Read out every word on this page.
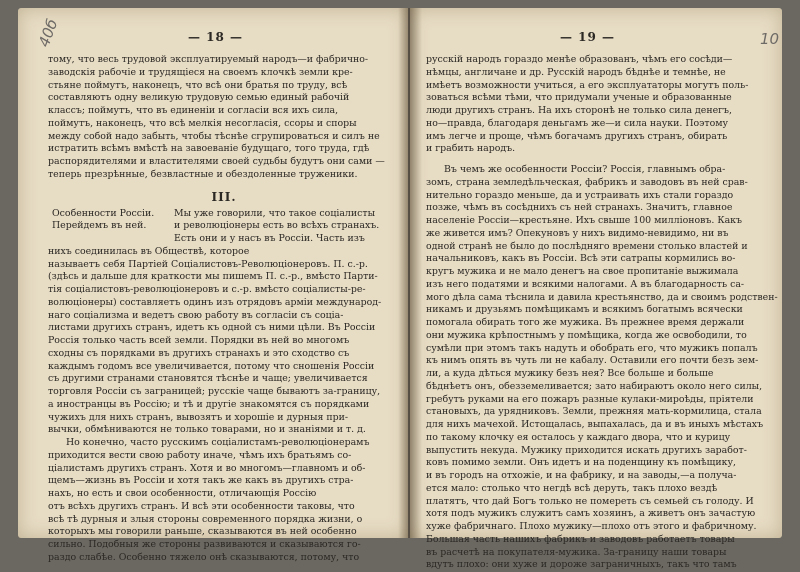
40б	— 18 —
тому, что весь трудовой эксплуатируемый народъ—и фабрично-
заводскія рабочіе и трудящіеся на своемъ клочкѣ земли кре-
стьяне поймутъ, наконецъ, что всѣ они братья по труду, всѣ
составляютъ одну великую трудовую семью единый рабочій
классъ; поймутъ, что въ единеніи и согласіи вся ихъ сила,
поймутъ, наконецъ, что всѣ мелкія несогласія, ссоры и споры
между собой надо забыть, чтобы тѣснѣе сгрупироваться и силъ не
истратить всѣмъ вмѣстѣ на завоеваніе будущаго, того труда, гдѣ
распорядителями и властителями своей судьбы будутъ они сами —
теперь презрѣнные, безвластные и обездоленные труженики.
III.
Особенности Россіи.
Перейдемъ въ ней.
Мы уже говорили, что такое соціалисты
и революціонеры есть во всѣхъ странахъ.
Есть они и у насъ въ Россіи. Часть изъ
нихъ соединилась въ Обществѣ, которое
называетъ себя Партіей Соціалистовъ-Революціонеровъ. П. с.-р.
(здѣсь и дальше для краткости мы пишемъ П. с.-р., вмѣсто Парти-
тія соціалистовъ-революціонеровъ и с.-р. вмѣсто соціалисты-ре-
волюціонеры) составляетъ одинъ изъ отрядовъ арміи международ-
наго соціализма и ведетъ свою работу въ согласіи съ соціа-
листами другихъ странъ, идетъ къ одной съ ними цѣли. Въ Россіи
Россія только часть всей земли. Порядки въ ней во многомъ
сходны съ порядками въ другихъ странахъ и это сходство съ
каждымъ годомъ все увеличивается, потому что сношенія Россіи
съ другими странами становятся тѣснѣе и чаще; увеличивается
торговля Россіи съ заграницей; русскіе чаще бываютъ за-границу,
а иностранцы въ Россію; и тѣ и другіе знакомятся съ порядками
чужихъ для нихъ странъ, вывозятъ и хорошіе и дурныя при-
вычки, обмѣниваются не только товарами, но и знаніями и т. д.
Но конечно, часто русскимъ соціалистамъ-революціонерамъ
приходится вести свою работу иначе, чѣмъ ихъ братьямъ со-
ціалистамъ другихъ странъ. Хотя и во многомъ—главномъ и об-
щемъ—жизнь въ Россіи и хотя такъ же какъ въ другихъ стра-
нахъ, но есть и свои особенности, отличающія Россію
отъ всѣхъ другихъ странъ. И всѣ эти особенности таковы, что
всѣ тѣ дурныя и злыя стороны современного порядка жизни, о
которыхъ мы говорили раньше, сказываются въ ней особенно
сильно. Подобныя же стороны развиваются и сказываются го-
раздо слабѣе. Особенно тяжело онѣ сказываются, потому, что
— 19 —	10
русскій народъ гораздо менѣе образованъ, чѣмъ его сосѣди—
нѣмцы, англичане и др. Русскій народъ бѣднѣе и темнѣе, не
имѣетъ возможности учиться, а его эксплуататоры могутъ поль-
зоваться всѣми тѣми, что придумали ученые и образованные
люди другихъ странъ. На ихъ сторонѣ не только сила денегъ,
но—правда, благодаря деньгамъ же—и сила науки. Поэтому
имъ легче и проще, чѣмъ богачамъ другихъ странъ, обирать
и грабить народъ.
Въ чемъ же особенности Россіи? Россія, главнымъ обра-
зомъ, страна земледѣльческая, фабрикъ и заводовъ въ ней срав-
нительно гораздо меньше, да и устраивать ихъ стали гораздо
позже, чѣмъ въ сосѣднихъ съ ней странахъ. Значитъ, главное
населеніе Россіи—крестьяне. Ихъ свыше 100 милліоновъ. Какъ
же живется имъ? Опекуновъ у нихъ видимо-невидимо, ни въ
одной странѣ не было до послѣдняго времени столько властей и
начальниковъ, какъ въ Россіи. Всѣ эти сатрапы кормились во-
кругъ мужика и не мало денегъ на свое пропитаніе выжимала
изъ него податями и всякими налогами. А въ благодарность са-
мого дѣла сама тѣснила и давила крестьянство, да и своимъ родствен-
никамъ и друзьямъ помѣщикамъ и всякимъ богатымъ всячески
помогала обирать того же мужика. Въ прежнее время держали
они мужика крѣпостнымъ у помѣщика, когда же освободили, то
сумѣли при этомъ такъ надуть и обобрать его, что мужикъ попалъ
къ нимъ опять въ чуть ли не кабалу. Оставили его почти безъ зем-
ли, а куда дѣться мужику безъ нея? Все больше и больше
бѣднѣетъ онъ, обезземеливается; зато набираютъ около него силы,
гребутъ руками на его пожаръ разные кулаки-мироѣды, пріятели
становыхъ, да урядниковъ. Земли, прежняя мать-кормилица, стала
для нихъ мачехой. Истощалась, выпахалась, да и въ иныхъ мѣстахъ
по такому клочку ея осталось у каждаго двора, что и курицу
выпустить некуда. Мужику приходится искать другихъ заработ-
ковъ помимо земли. Онъ идетъ и на поденщину къ помѣщику,
и въ городъ на отхожіе, и на фабрику, и на заводы,—а получа-
ется мало: столько что негдѣ всѣ деруть, такъ плохо вездѣ
платятъ, что дай Богъ только не помереть съ семьей съ голоду. И
хотя подъ мужикъ служитъ самъ хозяинъ, а живетъ онъ зачастую
хуже фабричнаго. Плохо мужику—плохо отъ этого и фабричному.
Большая часть нашихъ фабрикъ и заводовъ работаетъ товары
въ расчетѣ на покупателя-мужика. За-границу наши товары
вдутъ плохо: они хуже и дороже заграничныхъ, такъ что тамъ
